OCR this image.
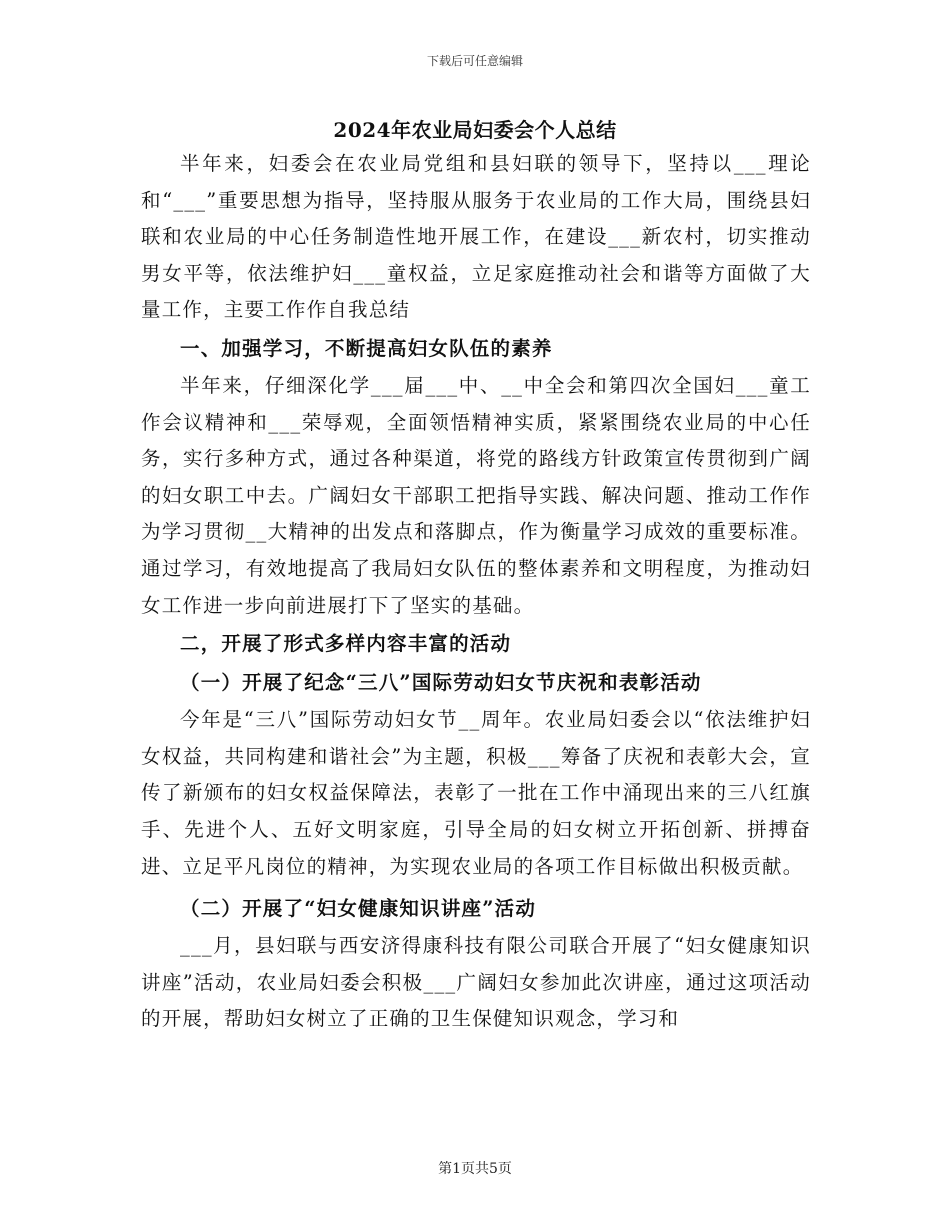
下载后可任意编辑
2024年农业局妇委会个人总结

半年来，妇委会在农业局党组和县妇联的领导下，坚持以___理论和“___”重要思想为指导，坚持服从服务于农业局的工作大局，围绕县妇联和农业局的中心任务制造性地开展工作，在建设___新农村，切实推动男女平等，依法维护妇___童权益，立足家庭推动社会和谐等方面做了大量工作，主要工作作自我总结

一、加强学习，不断提高妇女队伍的素养

半年来，仔细深化学___届___中、__中全会和第四次全国妇___童工作会议精神和___荣辱观，全面领悟精神实质，紧紧围绕农业局的中心任务，实行多种方式，通过各种渠道，将党的路线方针政策宣传贯彻到广阔的妇女职工中去。广阔妇女干部职工把指导实践、解决问题、推动工作作为学习贯彻__大精神的出发点和落脚点，作为衡量学习成效的重要标准。通过学习，有效地提高了我局妇女队伍的整体素养和文明程度，为推动妇女工作进一步向前进展打下了坚实的基础。

二，开展了形式多样内容丰富的活动
（一）开展了纪念“三八”国际劳动妇女节庆祝和表彰活动

今年是“三八”国际劳动妇女节__周年。农业局妇委会以“依法维护妇女权益，共同构建和谐社会”为主题，积极___筹备了庆祝和表彰大会，宣传了新颁布的妇女权益保障法，表彰了一批在工作中涌现出来的三八红旗手、先进个人、五好文明家庭，引导全局的妇女树立开拓创新、拼搏奋进、立足平凡岗位的精神，为实现农业局的各项工作目标做出积极贡献。

（二）开展了“妇女健康知识讲座”活动

___月，县妇联与西安济得康科技有限公司联合开展了“妇女健康知识讲座”活动，农业局妇委会积极___广阔妇女参加此次讲座，通过这项活动的开展，帮助妇女树立了正确的卫生保健知识观念，学习和

第1页共5页
